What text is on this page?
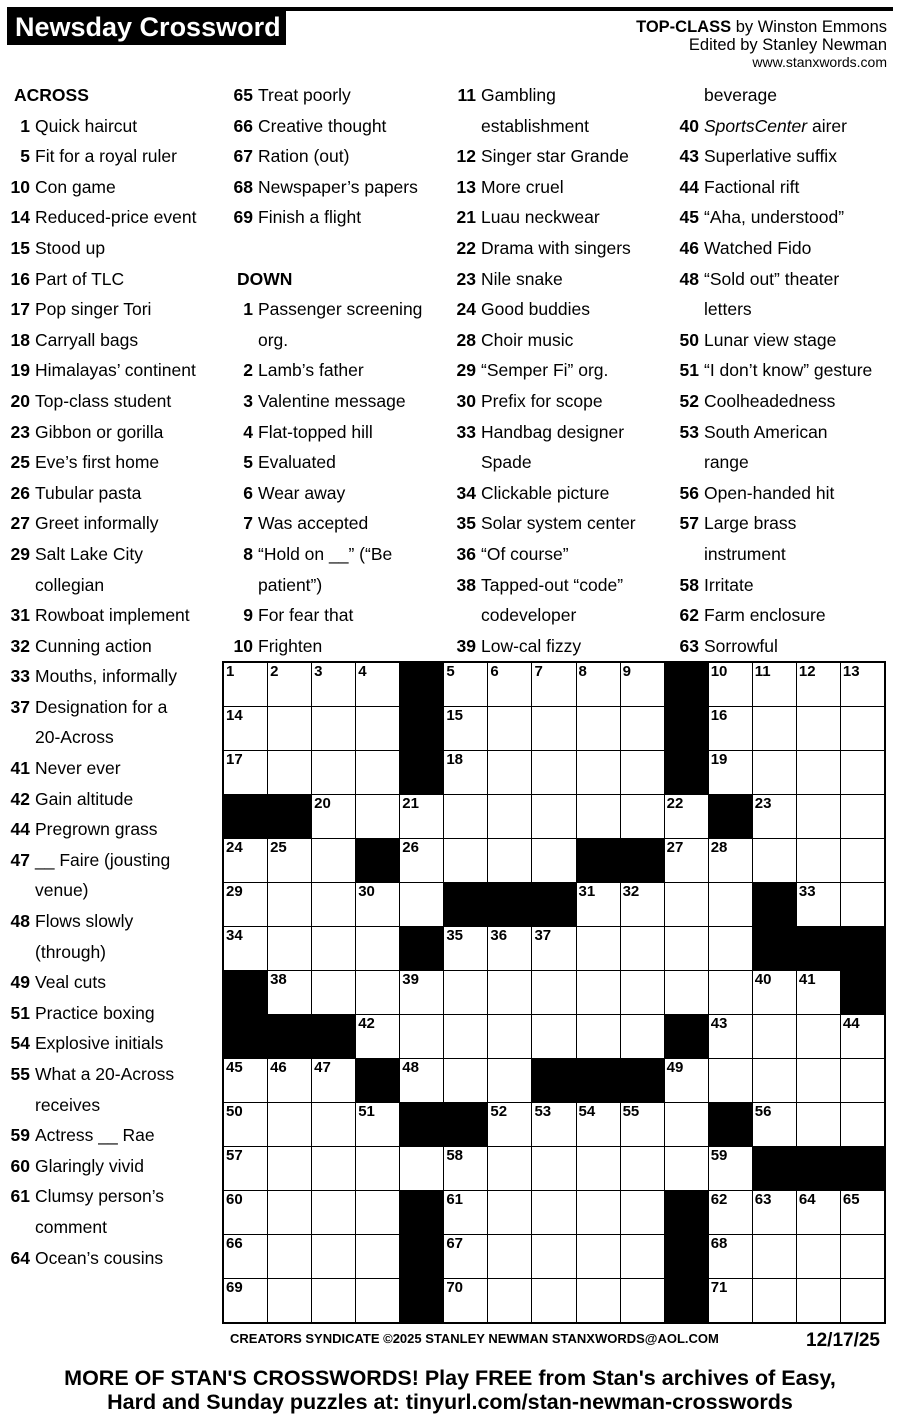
Newsday Crossword	TOP-CLASS by Winston Emmons
Edited by Stanley Newman
www.stanxwords.com
ACROSS
1 Quick haircut
5 Fit for a royal ruler
10 Con game
14 Reduced-price event
15 Stood up
16 Part of TLC
17 Pop singer Tori
18 Carryall bags
19 Himalayas’ continent
20 Top-class student
23 Gibbon or gorilla
25 Eve’s first home
26 Tubular pasta
27 Greet informally
29 Salt Lake City
collegian
31 Rowboat implement
32 Cunning action
33 Mouths, informally
37 Designation for a
20-Across
41 Never ever
42 Gain altitude
44 Pregrown grass
47 __ Faire (jousting
venue)
48 Flows slowly
(through)
49 Veal cuts
51 Practice boxing
54 Explosive initials
55 What a 20-Across
receives
59 Actress __ Rae
60 Glaringly vivid
61 Clumsy person’s
comment
64 Ocean’s cousins
65 Treat poorly
66 Creative thought
67 Ration (out)
68 Newspaper’s papers
69 Finish a flight
DOWN
1 Passenger screening
org.
2 Lamb’s father
3 Valentine message
4 Flat-topped hill
5 Evaluated
6 Wear away
7 Was accepted
8 “Hold on __” (“Be
patient”)
9 For fear that
10 Frighten
11 Gambling
establishment
12 Singer star Grande
13 More cruel
21 Luau neckwear
22 Drama with singers
23 Nile snake
24 Good buddies
28 Choir music
29 “Semper Fi” org.
30 Prefix for scope
33 Handbag designer
Spade
34 Clickable picture
35 Solar system center
36 “Of course”
38 Tapped-out “code”
codeveloper
39 Low-cal fizzy
beverage
40 SportsCenter airer
43 Superlative suffix
44 Factional rift
45 “Aha, understood”
46 Watched Fido
48 “Sold out” theater
letters
50 Lunar view stage
51 “I don’t know” gesture
52 Coolheadedness
53 South American
range
56 Open-handed hit
57 Large brass
instrument
58 Irritate
62 Farm enclosure
63 Sorrowful
1 2 3 4	5 6 7 8 9	10 11 12 13
14	15	16
17	18	19
20	21	22	23
24 25	26	27 28
29	30	31 32	33
34	35 36 37
38	39	40 41
42	43	44
45 46 47	48	49
50	51	52 53 54 55	56
57	58	59
60	61	62 63 64 65
66	67	68
69	70	71
CREATORS SYNDICATE ©2025 STANLEY NEWMAN STANXWORDS@AOL.COM	12/17/25
MORE OF STAN'S CROSSWORDS! Play FREE from Stan's archives of Easy,
Hard and Sunday puzzles at: tinyurl.com/stan-newman-crosswords
